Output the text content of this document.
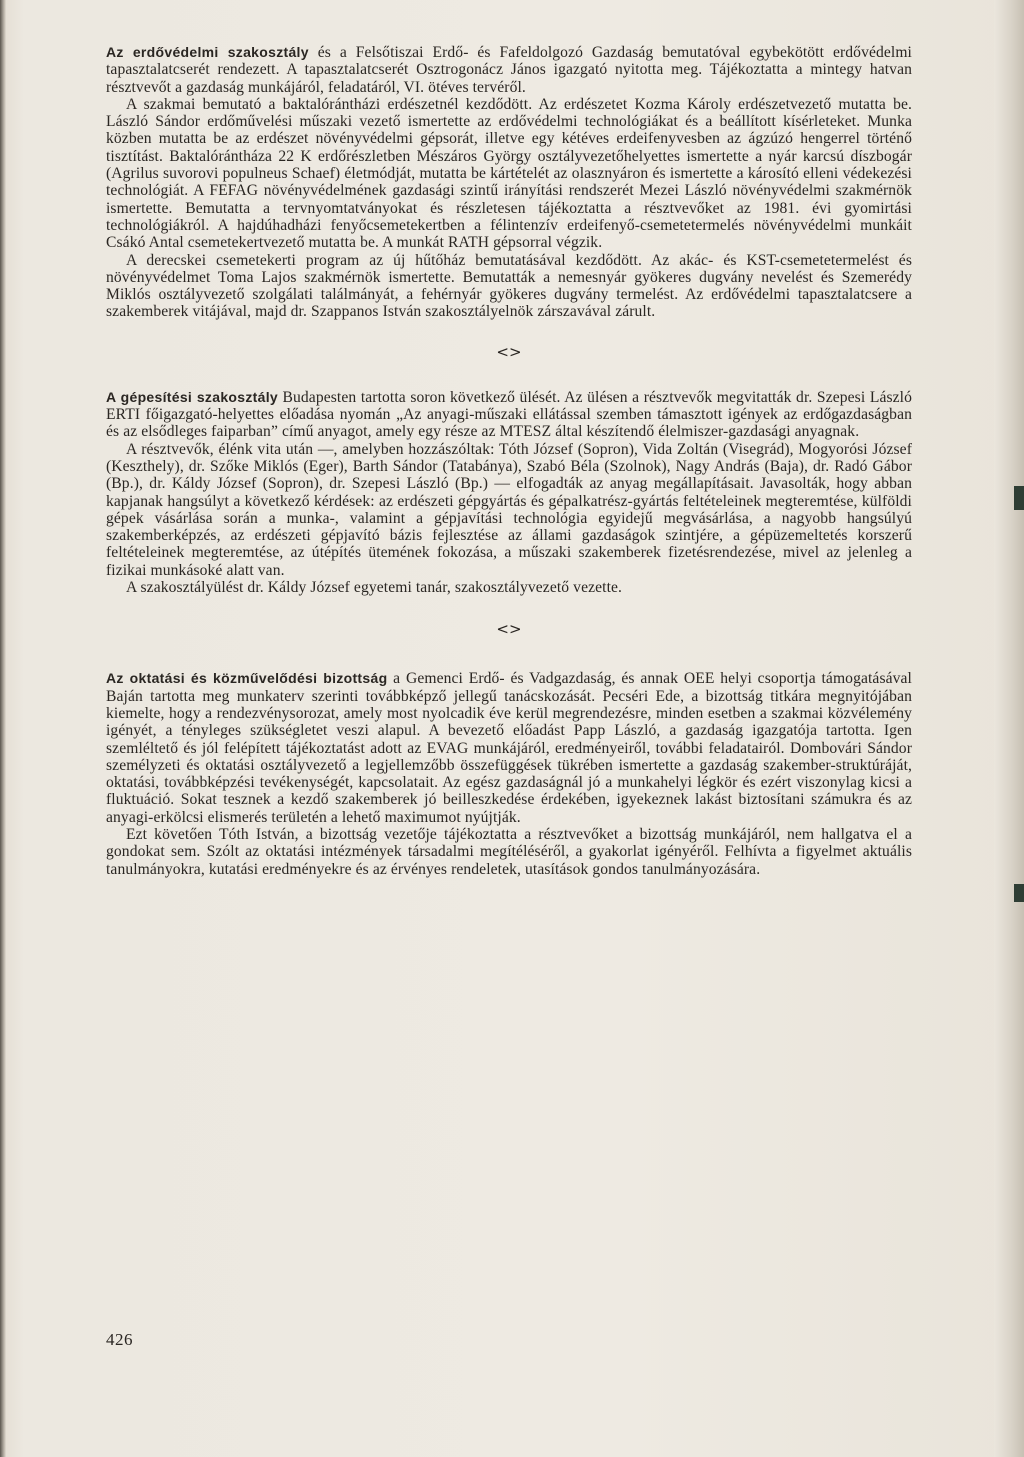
Az erdővédelmi szakosztály és a Felsőtiszai Erdő- és Fafeldolgozó Gazdaság bemutatóval egybekötött erdővédelmi tapasztalatcserét rendezett. A tapasztalatcserét Osztrogonácz János igazgató nyitotta meg. Tájékoztatta a mintegy hatvan résztvevőt a gazdaság munkájáról, feladatáról, VI. ötéves tervéről.

A szakmai bemutató a baktalórántházi erdészetnél kezdődött. Az erdészetet Kozma Károly erdészetvezető mutatta be. László Sándor erdőművelési műszaki vezető ismertette az erdővédelmi technológiákat és a beállított kísérleteket. Munka közben mutatta be az erdészet növényvédelmi gépsorát, illetve egy kétéves erdeifenyvesben az ágzúzó hengerrel történő tisztítást. Baktalórántháza 22 K erdőrészletben Mészáros György osztályvezetőhelyettes ismertette a nyár karcsú díszbogár (Agrilus suvorovi populneus Schaef) életmódját, mutatta be kártételét az olasznyáron és ismertette a károsító elleni védekezési technológiát. A FEFAG növényvédelmének gazdasági szintű irányítási rendszerét Mezei László növényvédelmi szakmérnök ismertette. Bemutatta a tervnyomtatványokat és részletesen tájékoztatta a résztvevőket az 1981. évi gyomirtási technológiákról. A hajdúhadházi fenyőcsemetekertben a félintenzív erdeifenyő-csemetetermelés növényvédelmi munkáit Csákó Antal csemetekertvezető mutatta be. A munkát RATH gépsorral végzik.

A derecskei csemetekerti program az új hűtőház bemutatásával kezdődött. Az akác- és KST-csemetetermelést és növényvédelmet Toma Lajos szakmérnök ismertette. Bemutatták a nemesnyár gyökeres dugvány nevelést és Szemerédy Miklós osztályvezető szolgálati találmányát, a fehérnyár gyökeres dugvány termelést. Az erdővédelmi tapasztalatcsere a szakemberek vitájával, majd dr. Szappanos István szakosztályelnök zárszavával zárult.

<>

A gépesítési szakosztály Budapesten tartotta soron következő ülését. Az ülésen a résztvevők megvitatták dr. Szepesi László ERTI főigazgató-helyettes előadása nyomán „Az anyagi-műszaki ellátással szemben támasztott igények az erdőgazdaságban és az elsődleges faiparban” című anyagot, amely egy része az MTESZ által készítendő élelmiszer-gazdasági anyagnak.

A résztvevők, élénk vita után —, amelyben hozzászóltak: Tóth József (Sopron), Vida Zoltán (Visegrád), Mogyorósi József (Keszthely), dr. Szőke Miklós (Eger), Barth Sándor (Tatabánya), Szabó Béla (Szolnok), Nagy András (Baja), dr. Radó Gábor (Bp.), dr. Káldy József (Sopron), dr. Szepesi László (Bp.) — elfogadták az anyag megállapításait. Javasolták, hogy abban kapjanak hangsúlyt a következő kérdések: az erdészeti gépgyártás és gépalkatrész-gyártás feltételeinek megteremtése, külföldi gépek vásárlása során a munka-, valamint a gépjavítási technológia egyidejű megvásárlása, a nagyobb hangsúlyú szakemberképzés, az erdészeti gépjavító bázis fejlesztése az állami gazdaságok szintjére, a gépüzemeltetés korszerű feltételeinek megteremtése, az útépítés ütemének fokozása, a műszaki szakemberek fizetésrendezése, mivel az jelenleg a fizikai munkásoké alatt van.

A szakosztályülést dr. Káldy József egyetemi tanár, szakosztályvezető vezette.

<>

Az oktatási és közművelődési bizottság a Gemenci Erdő- és Vadgazdaság, és annak OEE helyi csoportja támogatásával Baján tartotta meg munkaterv szerinti továbbképző jellegű tanácskozását. Pecséri Ede, a bizottság titkára megnyitójában kiemelte, hogy a rendezvénysorozat, amely most nyolcadik éve kerül megrendezésre, minden esetben a szakmai közvélemény igényét, a tényleges szükségletet veszi alapul. A bevezető előadást Papp László, a gazdaság igazgatója tartotta. Igen szemléltető és jól felépített tájékoztatást adott az EVAG munkájáról, eredményeiről, további feladatairól. Dombovári Sándor személyzeti és oktatási osztályvezető a legjellemzőbb összefüggések tükrében ismertette a gazdaság szakember-struktúráját, oktatási, továbbképzési tevékenységét, kapcsolatait. Az egész gazdaságnál jó a munkahelyi légkör és ezért viszonylag kicsi a fluktuáció. Sokat tesznek a kezdő szakemberek jó beilleszkedése érdekében, igyekeznek lakást biztosítani számukra és az anyagi-erkölcsi elismerés területén a lehető maximumot nyújtják.

Ezt követően Tóth István, a bizottság vezetője tájékoztatta a résztvevőket a bizottság munkájáról, nem hallgatva el a gondokat sem. Szólt az oktatási intézmények társadalmi megítéléséről, a gyakorlat igényéről. Felhívta a figyelmet aktuális tanulmányokra, kutatási eredményekre és az érvényes rendeletek, utasítások gondos tanulmányozására.

426
